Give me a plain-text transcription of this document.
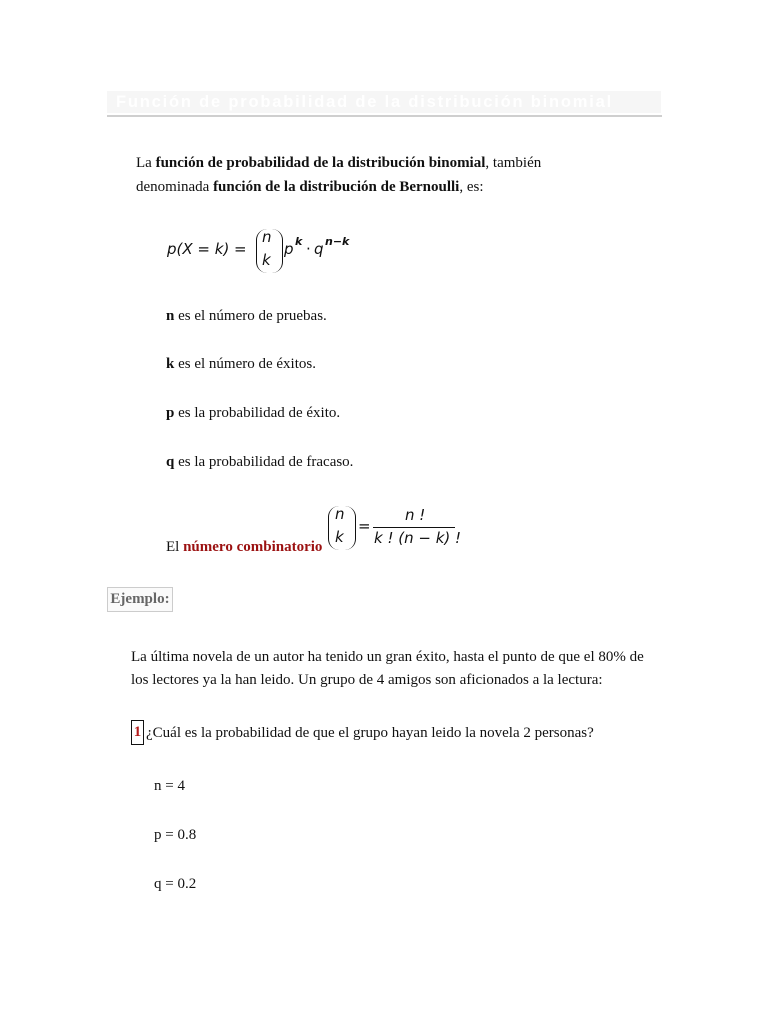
Función de probabilidad de la distribución binomial
La función de probabilidad de la distribución binomial, también
denominada función de la distribución de Bernoulli, es:
p(X = k) =
n
k
p k · q n−k
n es el número de pruebas.
k es el número de éxitos.
p es la probabilidad de éxito.
q es la probabilidad de fracaso.
El número combinatorio
n
k
=
n !
k ! (n − k) !
Ejemplo:
La última novela de un autor ha tenido un gran éxito, hasta el punto de que el 80% de
los lectores ya la han leido. Un grupo de 4 amigos son aficionados a la lectura:
1 ¿Cuál es la probabilidad de que el grupo hayan leido la novela 2 personas?
n = 4
p = 0.8
q = 0.2
